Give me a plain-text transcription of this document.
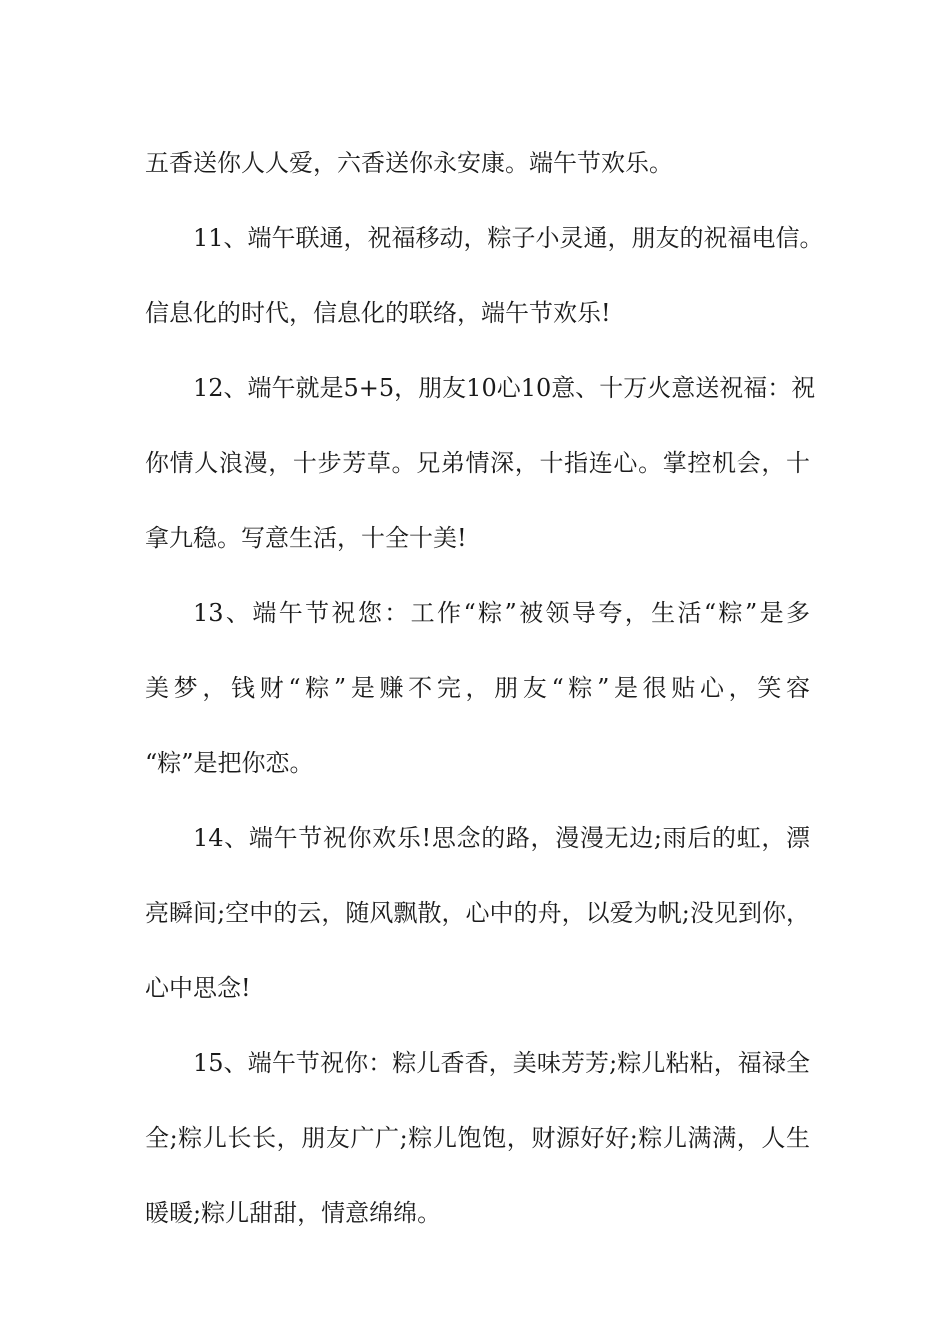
五香送你人人爱，六香送你永安康。端午节欢乐。
11、端午联通，祝福移动，粽子小灵通，朋友的祝福电信。
信息化的时代，信息化的联络，端午节欢乐!
12、端午就是5+5，朋友10心10意、十万火意送祝福：祝
你情人浪漫，十步芳草。兄弟情深，十指连心。掌控机会，十
拿九稳。写意生活，十全十美!
13、端午节祝您：工作“粽”被领导夸，生活“粽”是多
美梦，钱财“粽”是赚不完，朋友“粽”是很贴心，笑容
“粽”是把你恋。
14、端午节祝你欢乐!思念的路，漫漫无边;雨后的虹，漂
亮瞬间;空中的云，随风飘散，心中的舟，以爱为帆;没见到你，
心中思念!
15、端午节祝你：粽儿香香，美味芳芳;粽儿粘粘，福禄全
全;粽儿长长，朋友广广;粽儿饱饱，财源好好;粽儿满满，人生
暖暖;粽儿甜甜，情意绵绵。
